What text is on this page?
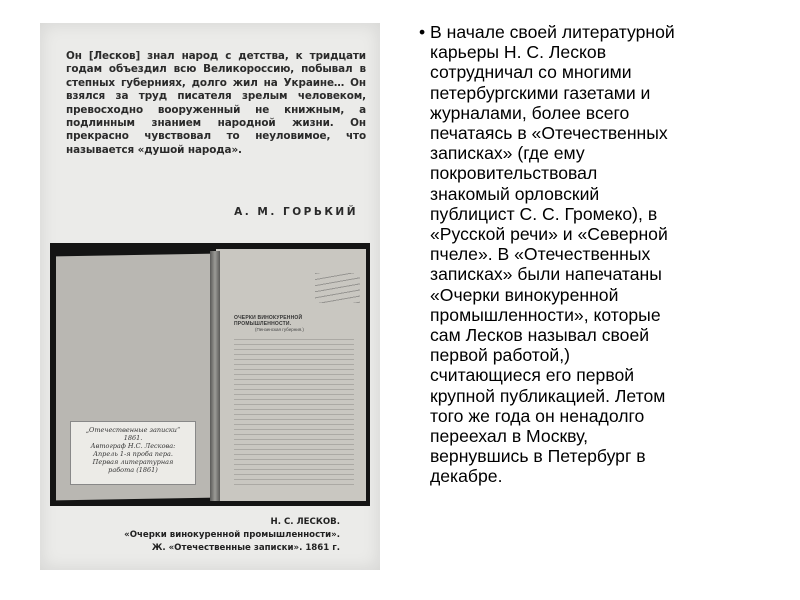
Он [Лесков] знал народ с детства, к тридцати годам объездил всю Великороссию, побывал в степных губерниях, долго жил на Украине… Он взялся за труд писателя зрелым человеком, превосходно вооруженный не книжным, а подлинным знанием народной жизни. Он прекрасно чувствовал то неуловимое, что называется «душой народа».
А. М. ГОРЬКИЙ
ОЧЕРКИ ВИНОКУРЕННОЙ ПРОМЫШЛЕННОСТИ.
(Пензенская губерния.)
„Отечественные записки“
1861.
Автограф Н.С. Лескова:
Апрель 1-я проба пера.
Первая литературная
работа (1861)
Н. С. ЛЕСКОВ.
«Очерки винокуренной промышленности».
Ж. «Отечественные записки». 1861 г.
• В начале своей литературной
карьеры Н. С. Лесков
сотрудничал со многими
петербургскими газетами и
журналами, более всего
печатаясь в «Отечественных
записках» (где ему
покровительствовал
знакомый орловский
публицист С. С. Громеко), в
«Русской речи» и «Северной
пчеле». В «Отечественных
записках» были напечатаны
«Очерки винокуренной
промышленности», которые
сам Лесков называл своей
первой работой,)
считающиеся его первой
крупной публикацией. Летом
того же года он ненадолго
переехал в Москву,
вернувшись в Петербург в
декабре.
